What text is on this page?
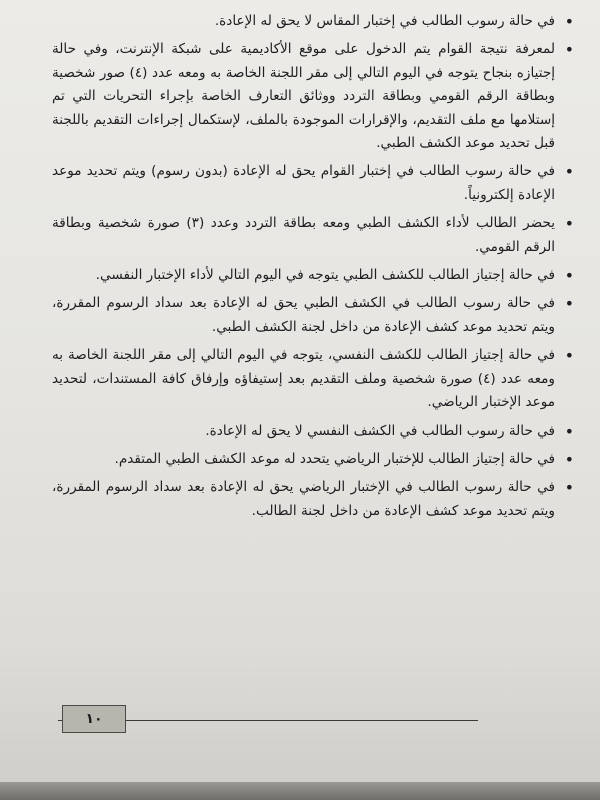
•
في حالة رسوب الطالب في إختبار المقاس لا يحق له الإعادة.
•
لمعرفة نتيجة القوام يتم الدخول على موقع الأكاديمية على شبكة الإنترنت، وفي حالة إجتيازه بنجاح يتوجه في اليوم التالي إلى مقر اللجنة الخاصة به ومعه عدد (٤) صور شخصية وبطاقة الرقم القومي وبطاقة التردد ووثائق التعارف الخاصة بإجراء التحريات التي تم إستلامها مع ملف التقديم، والإقرارات الموجودة بالملف، لإستكمال إجراءات التقديم باللجنة قبل تحديد موعد الكشف الطبي.
•
في حالة رسوب الطالب في إختبار القوام يحق له الإعادة (بدون رسوم) ويتم تحديد موعد الإعادة إلكترونياً.
•
يحضر الطالب لأداء الكشف الطبي ومعه بطاقة التردد وعدد (٣) صورة شخصية وبطاقة الرقم القومي.
•
في حالة إجتياز الطالب للكشف الطبي يتوجه في اليوم التالي لأداء الإختبار النفسي.
•
في حالة رسوب الطالب في الكشف الطبي يحق له الإعادة بعد سداد الرسوم المقررة، ويتم تحديد موعد كشف الإعادة من داخل لجنة الكشف الطبي.
•
في حالة إجتياز الطالب للكشف النفسي، يتوجه في اليوم التالي إلى مقر اللجنة الخاصة به ومعه عدد (٤) صورة شخصية وملف التقديم بعد إستيفاؤه وإرفاق كافة المستندات، لتحديد موعد الإختبار الرياضي.
•
في حالة رسوب الطالب في الكشف النفسي لا يحق له الإعادة.
•
في حالة إجتياز الطالب للإختبار الرياضي يتحدد له موعد الكشف الطبي المتقدم.
•
في حالة رسوب الطالب في الإختبار الرياضي يحق له الإعادة بعد سداد الرسوم المقررة، ويتم تحديد موعد كشف الإعادة من داخل لجنة الطالب.
١٠
